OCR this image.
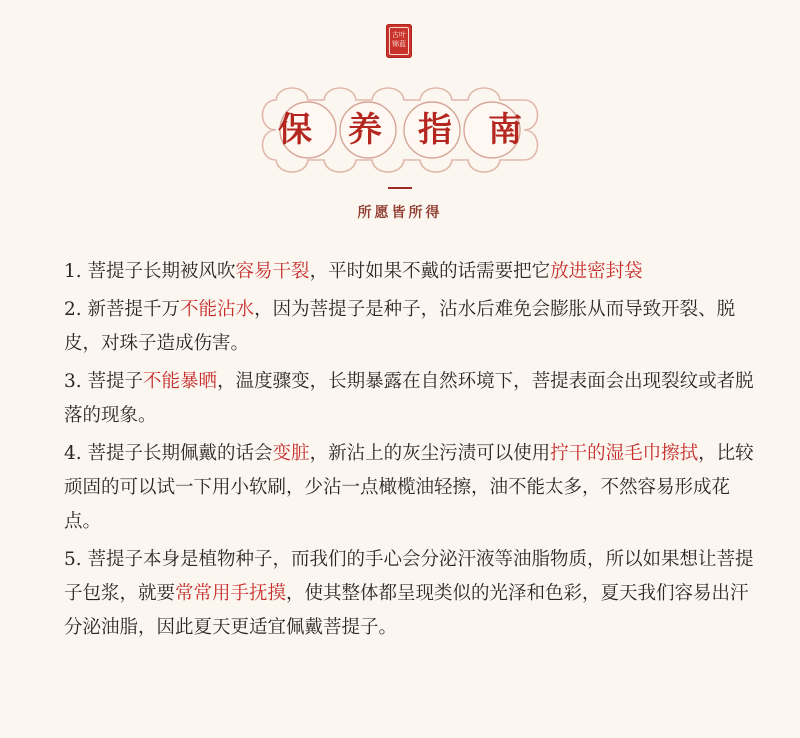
古叶 锦蓝
保	养	指	南
所愿皆所得

1. 菩提子长期被风吹容易干裂，平时如果不戴的话需要把它放进密封袋

2. 新菩提千万不能沾水，因为菩提子是种子，沾水后难免会膨胀从而导致开裂、脱皮，对珠子造成伤害。

3. 菩提子不能暴晒，温度骤变，长期暴露在自然环境下，菩提表面会出现裂纹或者脱落的现象。

4. 菩提子长期佩戴的话会变脏，新沾上的灰尘污渍可以使用拧干的湿毛巾擦拭，比较顽固的可以试一下用小软刷，少沾一点橄榄油轻擦，油不能太多，不然容易形成花点。

5. 菩提子本身是植物种子，而我们的手心会分泌汗液等油脂物质，所以如果想让菩提子包浆，就要常常用手抚摸，使其整体都呈现类似的光泽和色彩，夏天我们容易出汗分泌油脂，因此夏天更适宜佩戴菩提子。
